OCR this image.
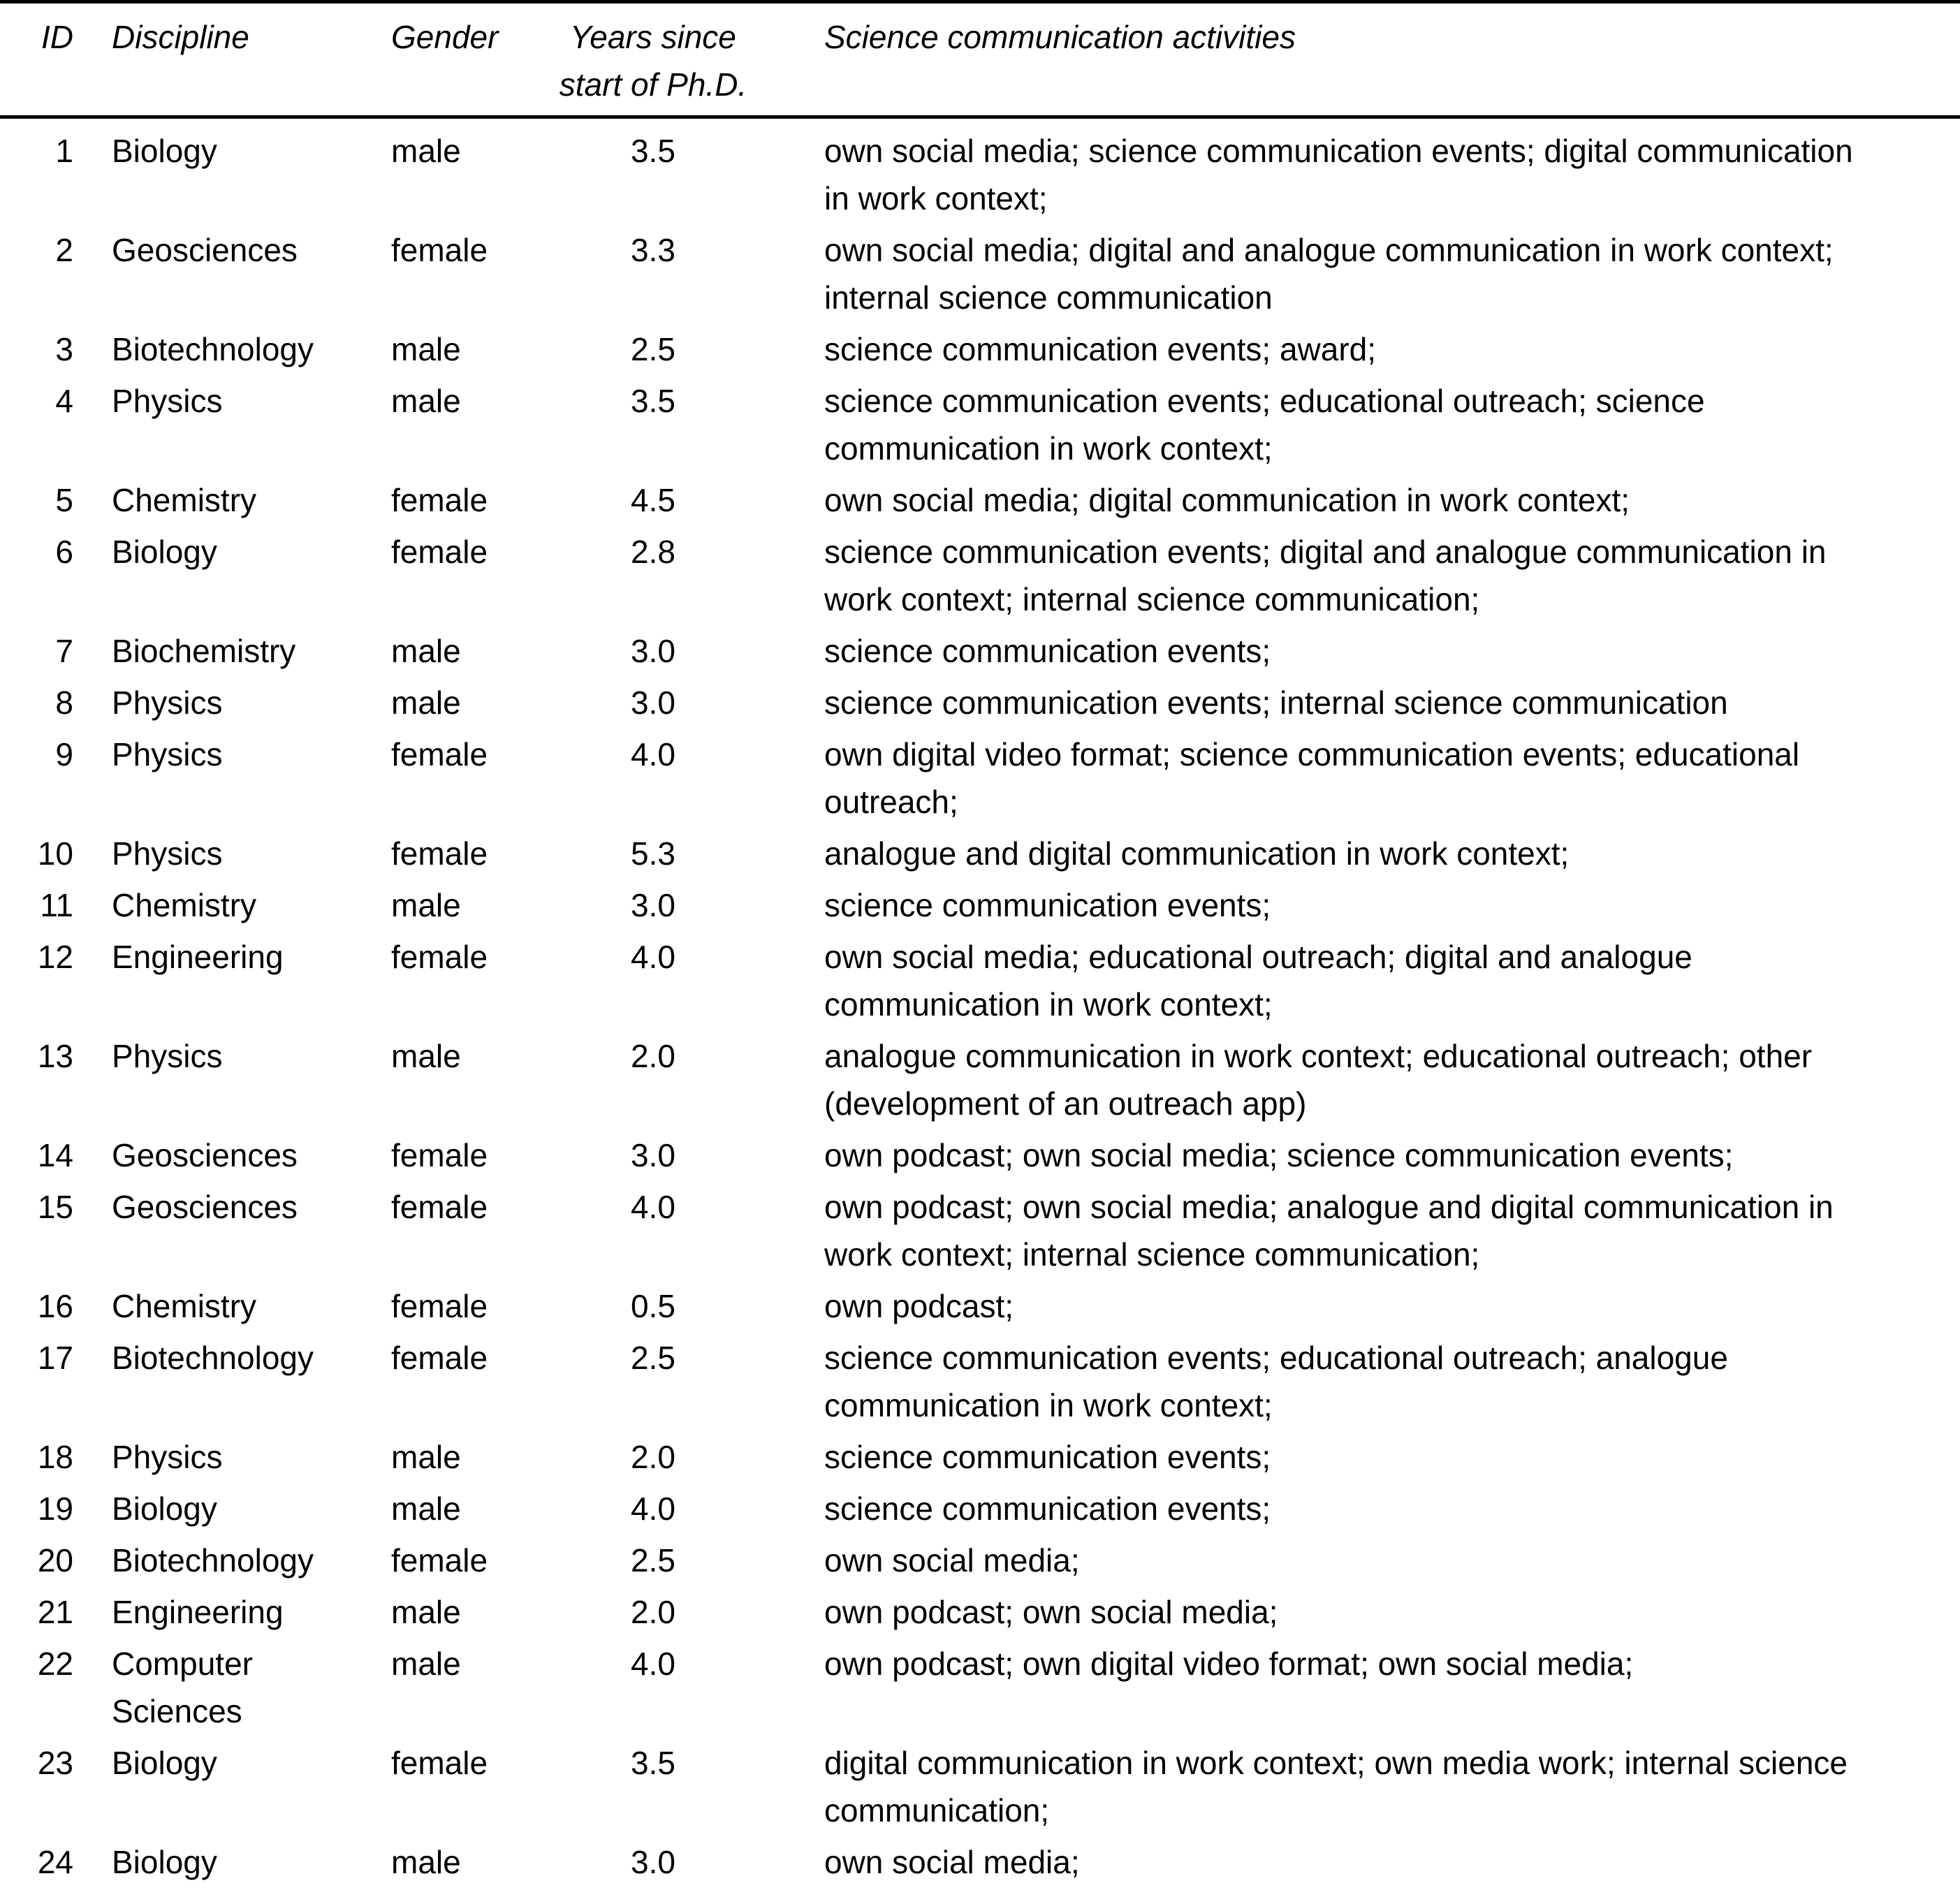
ID	Discipline	Gender	Years since start of Ph.D.	Science communication activities
1	Biology	male	3.5	own social media; science communication events; digital communication in work context;
2	Geosciences	female	3.3	own social media; digital and analogue communication in work context; internal science communication
3	Biotechnology	male	2.5	science communication events; award;
4	Physics	male	3.5	science communication events; educational outreach; science communication in work context;
5	Chemistry	female	4.5	own social media; digital communication in work context;
6	Biology	female	2.8	science communication events; digital and analogue communication in work context; internal science communication;
7	Biochemistry	male	3.0	science communication events;
8	Physics	male	3.0	science communication events; internal science communication
9	Physics	female	4.0	own digital video format; science communication events; educational outreach;
10	Physics	female	5.3	analogue and digital communication in work context;
11	Chemistry	male	3.0	science communication events;
12	Engineering	female	4.0	own social media; educational outreach; digital and analogue communication in work context;
13	Physics	male	2.0	analogue communication in work context; educational outreach; other (development of an outreach app)
14	Geosciences	female	3.0	own podcast; own social media; science communication events;
15	Geosciences	female	4.0	own podcast; own social media; analogue and digital communication in work context; internal science communication;
16	Chemistry	female	0.5	own podcast;
17	Biotechnology	female	2.5	science communication events; educational outreach; analogue communication in work context;
18	Physics	male	2.0	science communication events;
19	Biology	male	4.0	science communication events;
20	Biotechnology	female	2.5	own social media;
21	Engineering	male	2.0	own podcast; own social media;
22	Computer Sciences	male	4.0	own podcast; own digital video format; own social media;
23	Biology	female	3.5	digital communication in work context; own media work; internal science communication;
24	Biology	male	3.0	own social media;
